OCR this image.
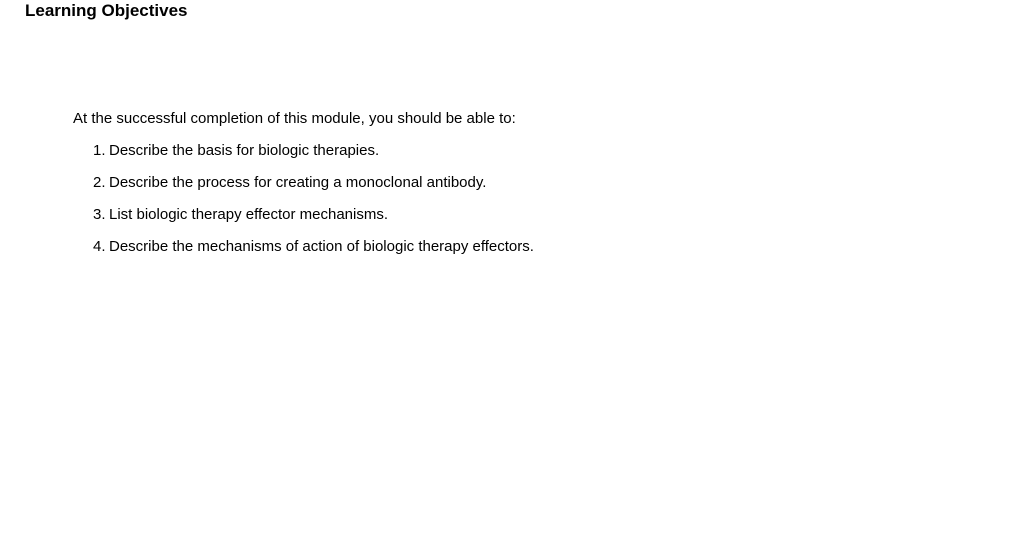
Learning Objectives

At the successful completion of this module, you should be able to:

1. Describe the basis for biologic therapies.
2. Describe the process for creating a monoclonal antibody.
3. List biologic therapy effector mechanisms.
4. Describe the mechanisms of action of biologic therapy effectors.
